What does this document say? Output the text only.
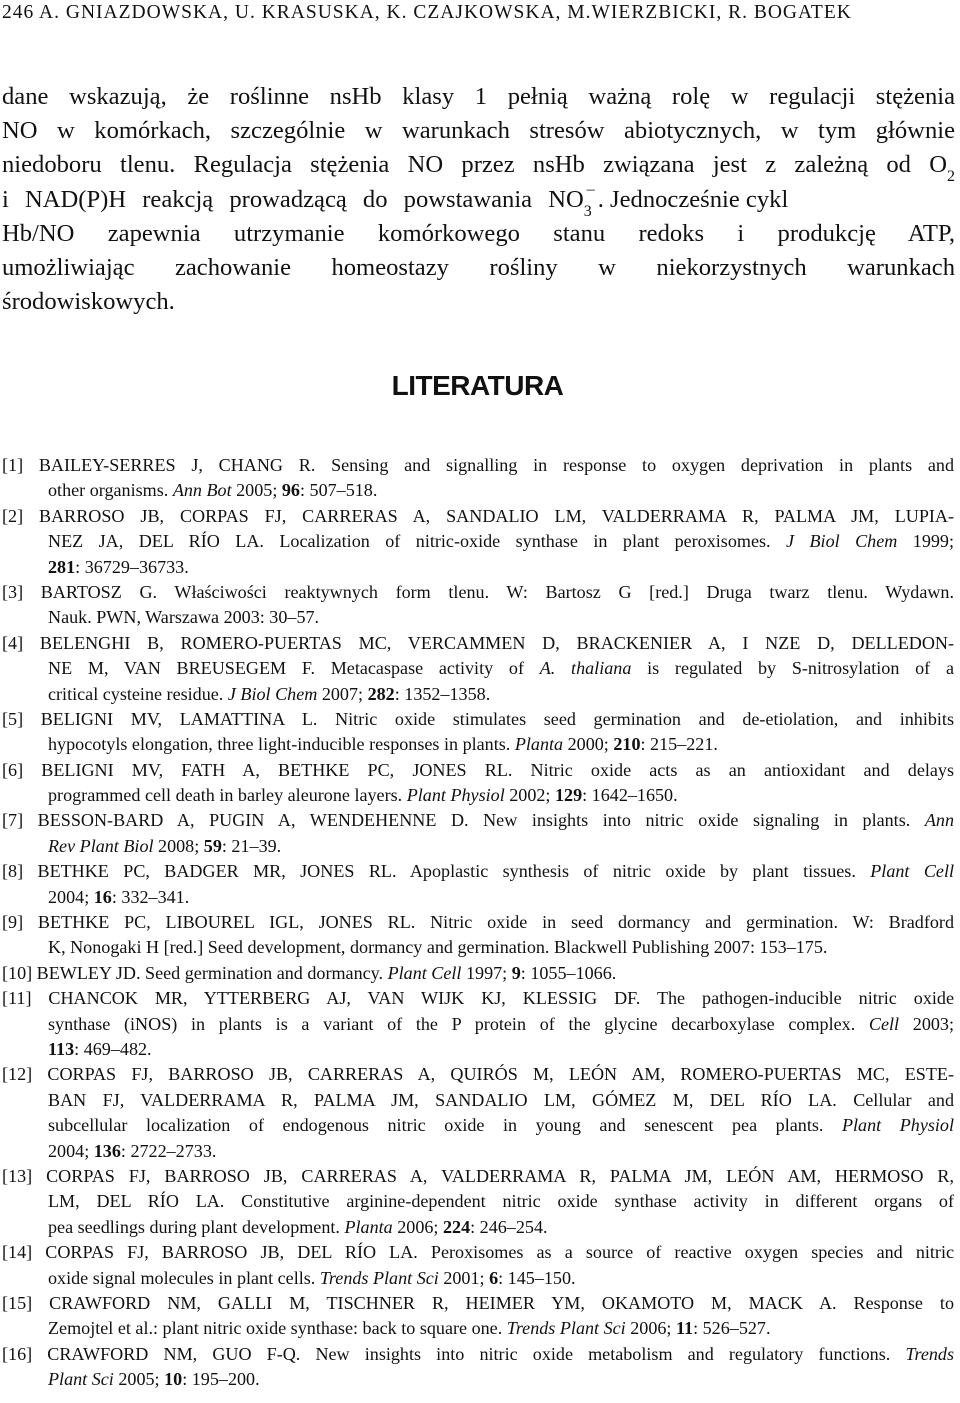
246 A. GNIAZDOWSKA, U. KRASUSKA, K. CZAJKOWSKA, M.WIERZBICKI, R. BOGATEK
dane wskazują, że roślinne nsHb klasy 1 pełnią ważną rolę w regulacji stężenia
NO w komórkach, szczególnie w warunkach stresów abiotycznych, w tym głównie
niedoboru tlenu. Regulacja stężenia NO przez nsHb związana jest z zależną od $O_2$
i NAD(P)H reakcją prowadzącą do powstawania NO 3
– . Jednocześnie cykl
Hb/NO zapewnia utrzymanie komórkowego stanu redoks i produkcję ATP,
umożliwiając zachowanie homeostazy rośliny w niekorzystnych warunkach
środowiskowych.
LITERATURA
[1] BAILEY-SERRES J, CHANG R. Sensing and signalling in response to oxygen deprivation in plants and
other organisms. Ann Bot 2005; 96: 507–518.
[2] BARROSO JB, CORPAS FJ, CARRERAS A, SANDALIO LM, VALDERRAMA R, PALMA JM, LUPIA-
NEZ JA, DEL RÍO LA. Localization of nitric-oxide synthase in plant peroxisomes. J Biol Chem 1999;
281: 36729–36733.
[3] BARTOSZ G. Właściwości reaktywnych form tlenu. W: Bartosz G [red.] Druga twarz tlenu. Wydawn.
Nauk. PWN, Warszawa 2003: 30–57.
[4] BELENGHI B, ROMERO-PUERTAS MC, VERCAMMEN D, BRACKENIER A, I NZE D, DELLEDON-
NE M, VAN BREUSEGEM F. Metacaspase activity of A. thaliana is regulated by S-nitrosylation of a
critical cysteine residue. J Biol Chem 2007; 282: 1352–1358.
[5] BELIGNI MV, LAMATTINA L. Nitric oxide stimulates seed germination and de-etiolation, and inhibits
hypocotyls elongation, three light-inducible responses in plants. Planta 2000; 210: 215–221.
[6] BELIGNI MV, FATH A, BETHKE PC, JONES RL. Nitric oxide acts as an antioxidant and delays
programmed cell death in barley aleurone layers. Plant Physiol 2002; 129: 1642–1650.
[7] BESSON-BARD A, PUGIN A, WENDEHENNE D. New insights into nitric oxide signaling in plants. Ann
Rev Plant Biol 2008; 59: 21–39.
[8] BETHKE PC, BADGER MR, JONES RL. Apoplastic synthesis of nitric oxide by plant tissues. Plant Cell
2004; 16: 332–341.
[9] BETHKE PC, LIBOUREL IGL, JONES RL. Nitric oxide in seed dormancy and germination. W: Bradford
K, Nonogaki H [red.] Seed development, dormancy and germination. Blackwell Publishing 2007: 153–175.
[10] BEWLEY JD. Seed germination and dormancy. Plant Cell 1997; 9: 1055–1066.
[11] CHANCOK MR, YTTERBERG AJ, VAN WIJK KJ, KLESSIG DF. The pathogen-inducible nitric oxide
synthase (iNOS) in plants is a variant of the P protein of the glycine decarboxylase complex. Cell 2003;
113: 469–482.
[12] CORPAS FJ, BARROSO JB, CARRERAS A, QUIRÓS M, LEÓN AM, ROMERO-PUERTAS MC, ESTE-
BAN FJ, VALDERRAMA R, PALMA JM, SANDALIO LM, GÓMEZ M, DEL RÍO LA. Cellular and
subcellular localization of endogenous nitric oxide in young and senescent pea plants. Plant Physiol
2004; 136: 2722–2733.
[13] CORPAS FJ, BARROSO JB, CARRERAS A, VALDERRAMA R, PALMA JM, LEÓN AM, HERMOSO R,
LM, DEL RÍO LA. Constitutive arginine-dependent nitric oxide synthase activity in different organs of
pea seedlings during plant development. Planta 2006; 224: 246–254.
[14] CORPAS FJ, BARROSO JB, DEL RÍO LA. Peroxisomes as a source of reactive oxygen species and nitric
oxide signal molecules in plant cells. Trends Plant Sci 2001; 6: 145–150.
[15] CRAWFORD NM, GALLI M, TISCHNER R, HEIMER YM, OKAMOTO M, MACK A. Response to
Zemojtel et al.: plant nitric oxide synthase: back to square one. Trends Plant Sci 2006; 11: 526–527.
[16] CRAWFORD NM, GUO F-Q. New insights into nitric oxide metabolism and regulatory functions. Trends
Plant Sci 2005; 10: 195–200.
